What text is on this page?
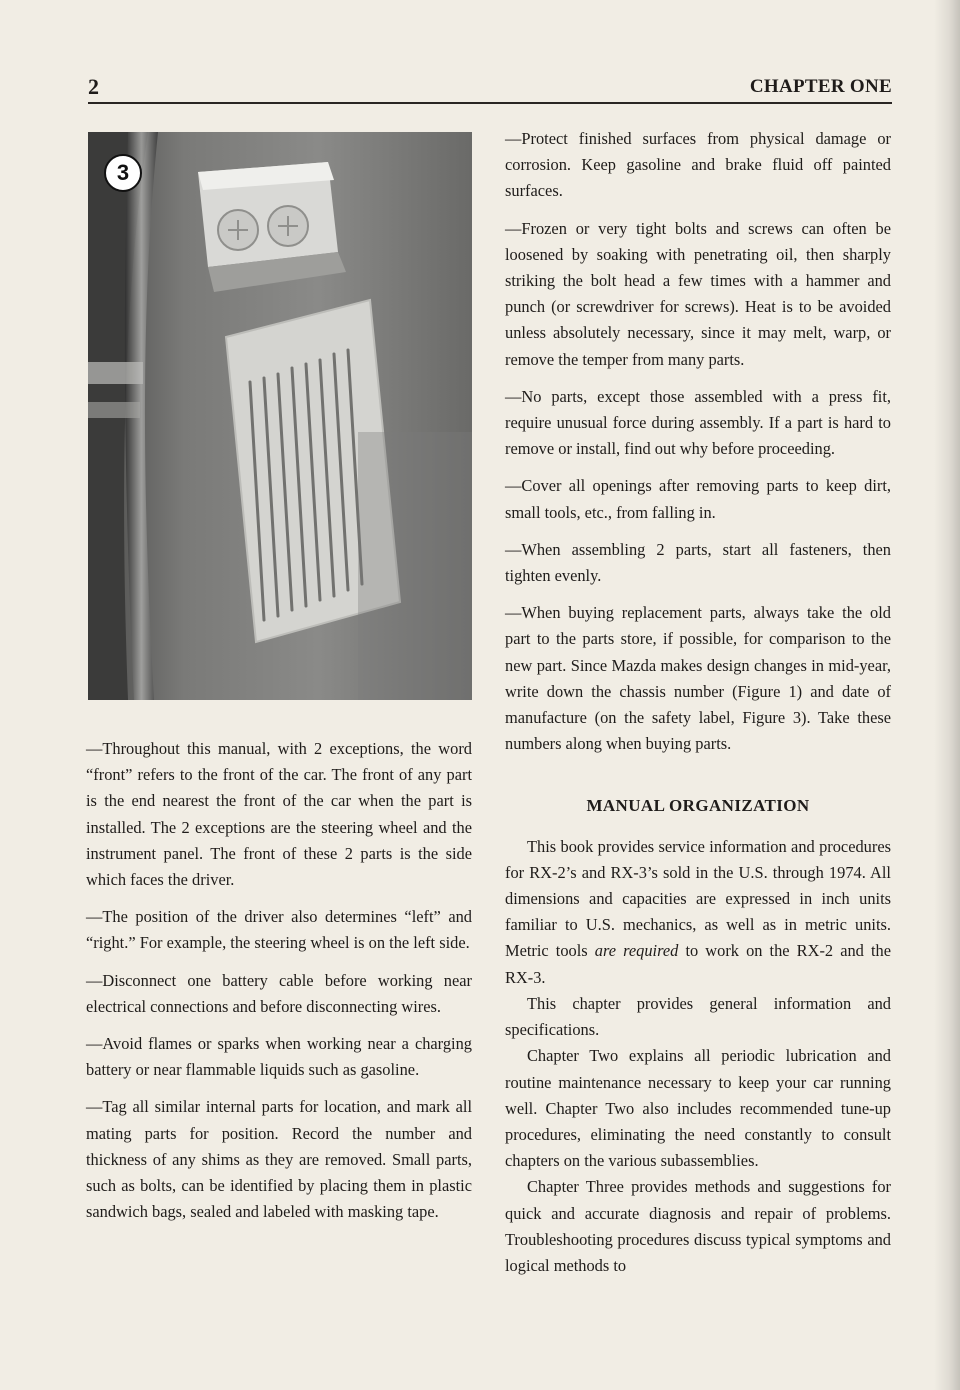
2	CHAPTER ONE
3

—Throughout this manual, with 2 exceptions, the word “front” refers to the front of the car. The front of any part is the end nearest the front of the car when the part is installed. The 2 exceptions are the steering wheel and the instrument panel. The front of these 2 parts is the side which faces the driver.

—The position of the driver also determines “left” and “right.” For example, the steering wheel is on the left side.

—Disconnect one battery cable before working near electrical connections and before disconnecting wires.

—Avoid flames or sparks when working near a charging battery or near flammable liquids such as gasoline.

—Tag all similar internal parts for location, and mark all mating parts for position. Record the number and thickness of any shims as they are removed. Small parts, such as bolts, can be identified by placing them in plastic sandwich bags, sealed and labeled with masking tape.

—Protect finished surfaces from physical damage or corrosion. Keep gasoline and brake fluid off painted surfaces.

—Frozen or very tight bolts and screws can often be loosened by soaking with penetrating oil, then sharply striking the bolt head a few times with a hammer and punch (or screwdriver for screws). Heat is to be avoided unless absolutely necessary, since it may melt, warp, or remove the temper from many parts.

—No parts, except those assembled with a press fit, require unusual force during assembly. If a part is hard to remove or install, find out why before proceeding.

—Cover all openings after removing parts to keep dirt, small tools, etc., from falling in.

—When assembling 2 parts, start all fasteners, then tighten evenly.

—When buying replacement parts, always take the old part to the parts store, if possible, for comparison to the new part. Since Mazda makes design changes in mid-year, write down the chassis number (Figure 1) and date of manufacture (on the safety label, Figure 3). Take these numbers along when buying parts.

MANUAL ORGANIZATION

This book provides service information and procedures for RX-2’s and RX-3’s sold in the U.S. through 1974. All dimensions and capacities are expressed in inch units familiar to U.S. mechanics, as well as in metric units. Metric tools are required to work on the RX-2 and the RX-3.

This chapter provides general information and specifications.

Chapter Two explains all periodic lubrication and routine maintenance necessary to keep your car running well. Chapter Two also includes recommended tune-up procedures, eliminating the need constantly to consult chapters on the various subassemblies.

Chapter Three provides methods and suggestions for quick and accurate diagnosis and repair of problems. Troubleshooting procedures discuss typical symptoms and logical methods to
